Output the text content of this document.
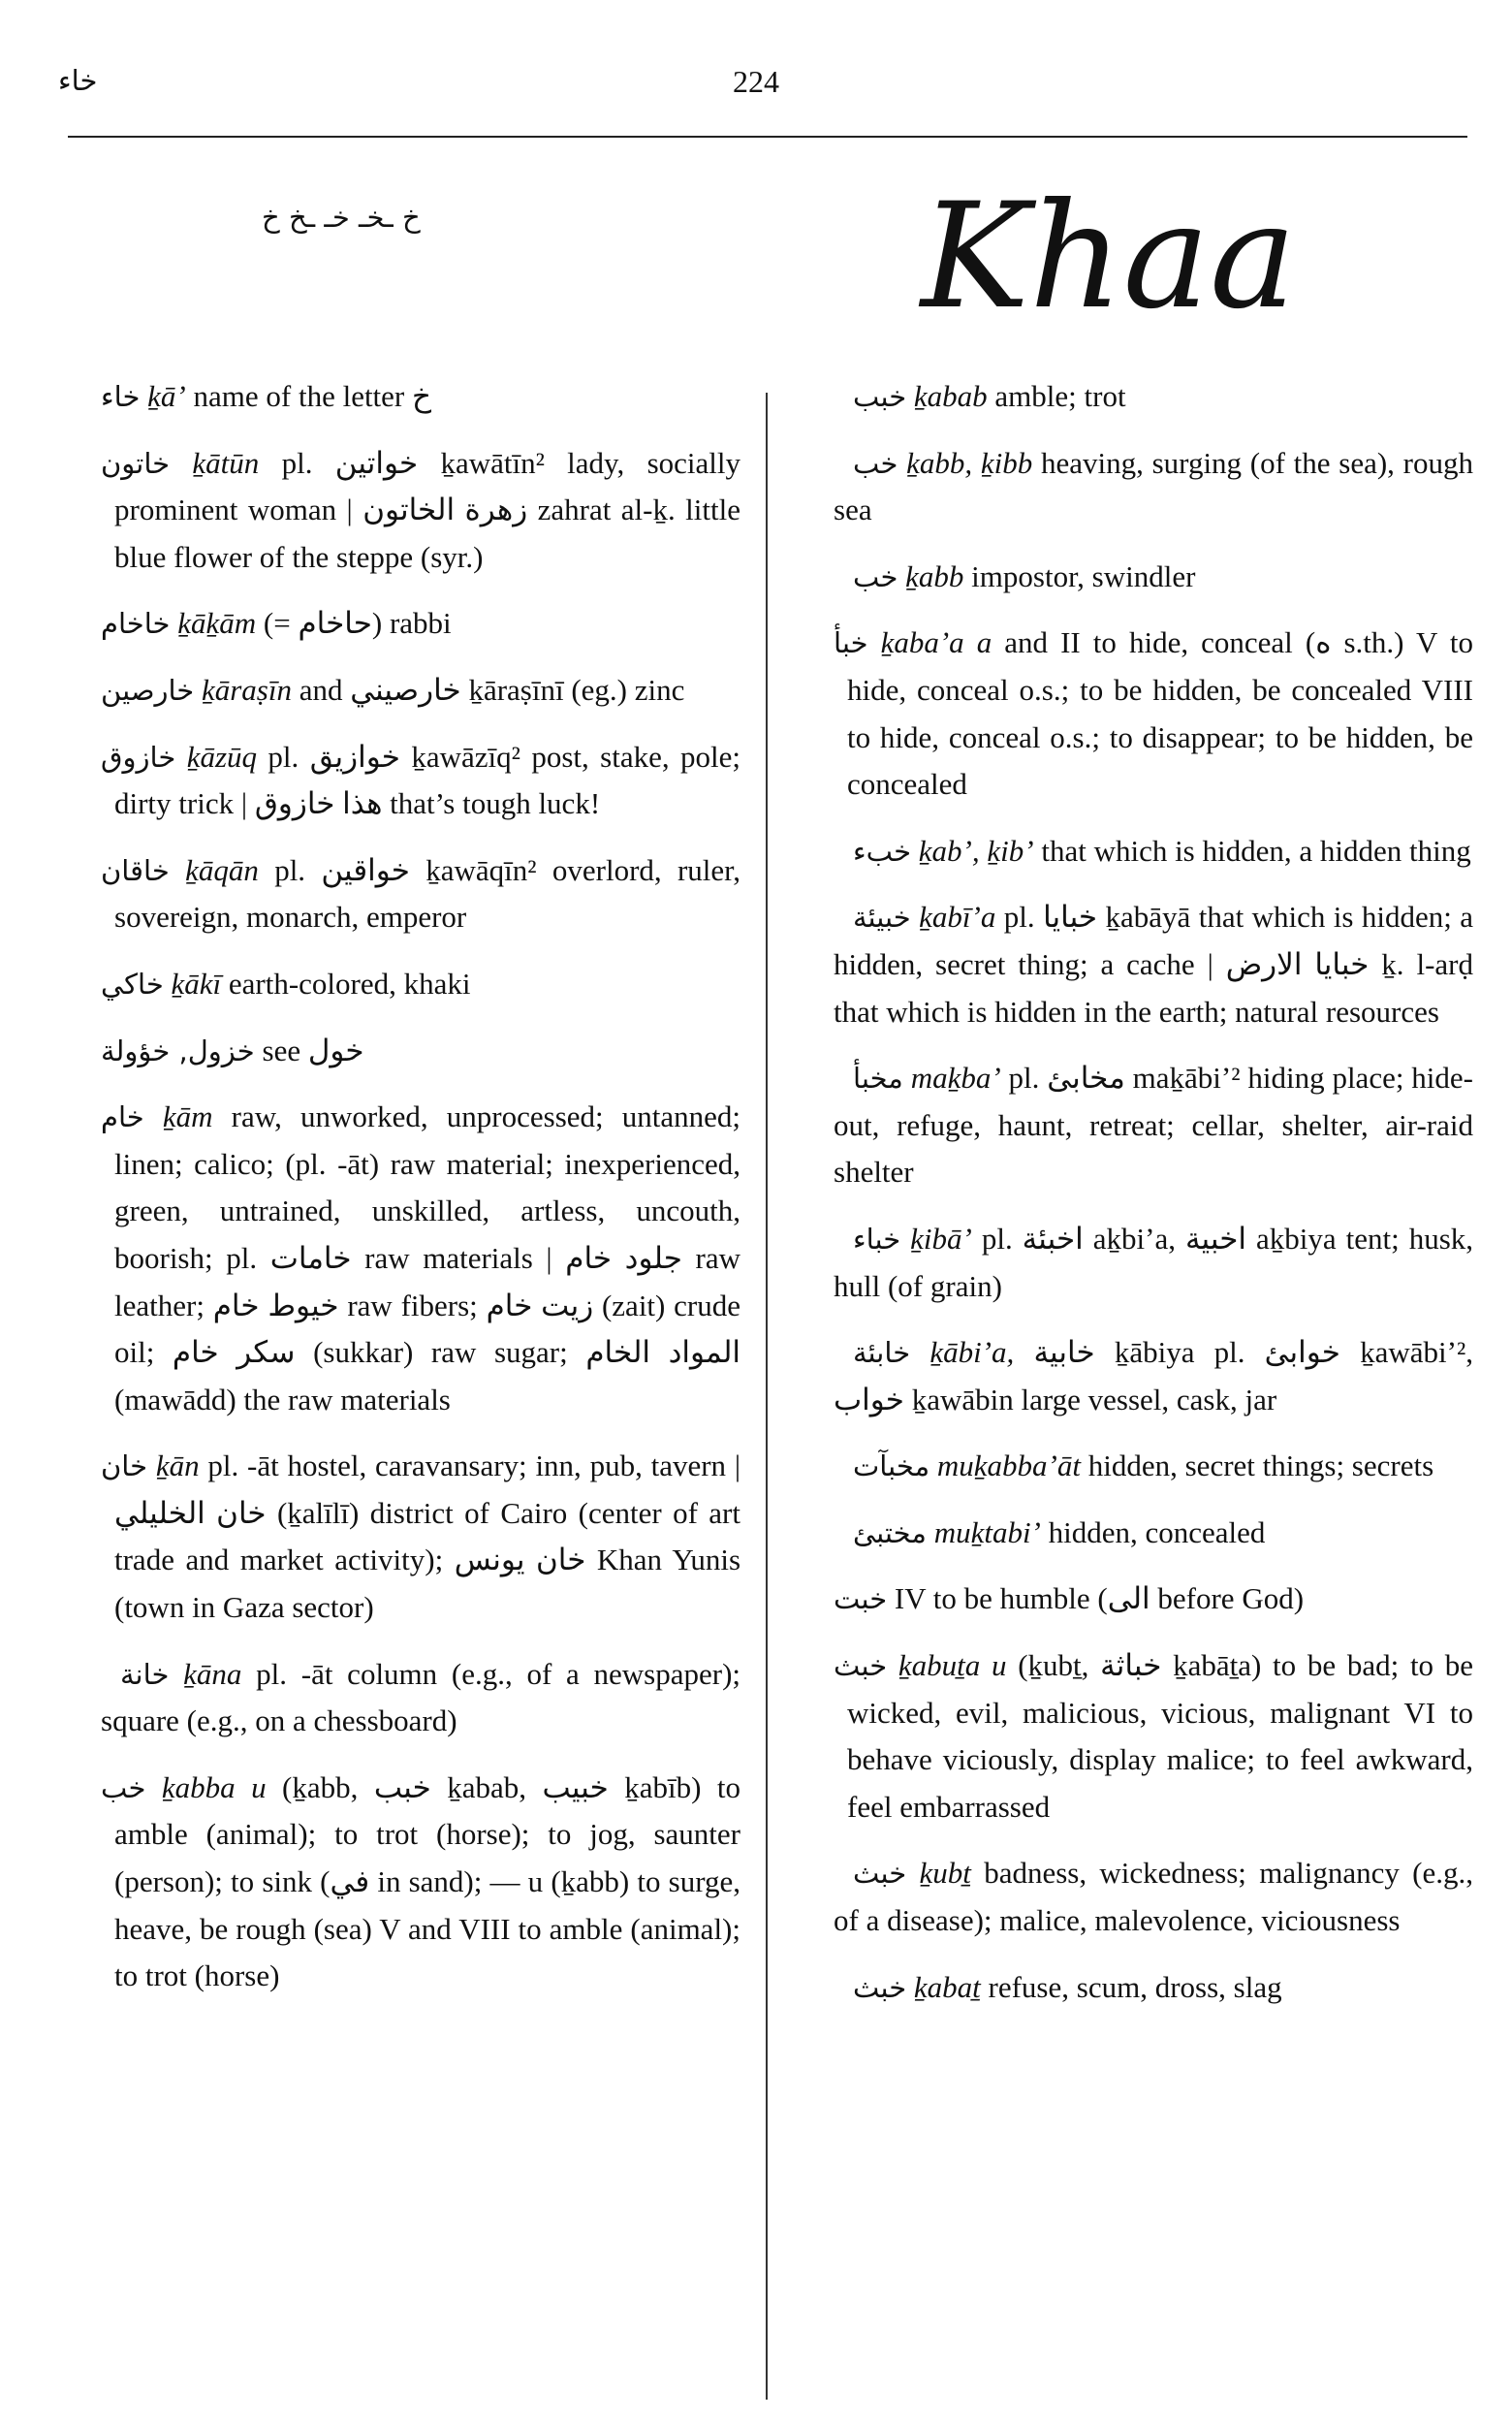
خاء	224
خ ـخـ خـ ـخ خ	Khaa
خاء ḵāʼ name of the letter خ
خاتون ḵātūn pl. خواتين ḵawātīn² lady, socially prominent woman | زهرة الخاتون zahrat al-ḵ. little blue flower of the steppe (syr.)
خاخام ḵāḵām (= حاخام) rabbi
خارصين ḵāraṣīn and خارصيني ḵāraṣīnī (eg.) zinc
خازوق ḵāzūq pl. خوازيق ḵawāzīq² post, stake, pole; dirty trick | هذا خازوق that’s tough luck!
خاقان ḵāqān pl. خواقين ḵawāqīn² overlord, ruler, sovereign, monarch, emperor
خاكي ḵākī earth-colored, khaki
خزول, خؤولة see خول
خام ḵām raw, unworked, unprocessed; untanned; linen; calico; (pl. -āt) raw material; inexperienced, green, untrained, unskilled, artless, uncouth, boorish; pl. خامات raw materials | جلود خام raw leather; خيوط خام raw fibers; زيت خام (zait) crude oil; سكر خام (sukkar) raw sugar; المواد الخام (mawādd) the raw materials
خان ḵān pl. -āt hostel, caravansary; inn, pub, tavern | خان الخليلي (ḵalīlī) district of Cairo (center of art trade and market activity); خان يونس Khan Yunis (town in Gaza sector)
خانة ḵāna pl. -āt column (e.g., of a newspaper); square (e.g., on a chessboard)
خب ḵabba u (ḵabb, خبب ḵabab, خبيب ḵabīb) to amble (animal); to trot (horse); to jog, saunter (person); to sink (في in sand); — u (ḵabb) to surge, heave, be rough (sea) V and VIII to amble (animal); to trot (horse)
خبب ḵabab amble; trot
خب ḵabb, ḵibb heaving, surging (of the sea), rough sea
خب ḵabb impostor, swindler
خبأ ḵabaʼa a and II to hide, conceal (ه s.th.) V to hide, conceal o.s.; to be hidden, be concealed VIII to hide, conceal o.s.; to disappear; to be hidden, be concealed
خبء ḵabʼ, ḵibʼ that which is hidden, a hidden thing
خبيئة ḵabīʼa pl. خبايا ḵabāyā that which is hidden; a hidden, secret thing; a cache | خبايا الارض ḵ. l-arḍ that which is hidden in the earth; natural resources
مخبأ maḵbaʼ pl. مخابئ maḵābiʼ² hiding place; hide-out, refuge, haunt, retreat; cellar, shelter, air-raid shelter
خباء ḵibāʼ pl. اخبئة aḵbiʼa, اخبية aḵbiya tent; husk, hull (of grain)
خابئة ḵābiʼa, خابية ḵābiya pl. خوابئ ḵawābiʼ², خواب ḵawābin large vessel, cask, jar
مخبآت muḵabbaʼāt hidden, secret things; secrets
مختبئ muḵtabiʼ hidden, concealed
خبت IV to be humble (الى before God)
خبث ḵabuṯa u (ḵubṯ, خباثة ḵabāṯa) to be bad; to be wicked, evil, malicious, vicious, malignant VI to behave viciously, display malice; to feel awkward, feel embarrassed
خبث ḵubṯ badness, wickedness; malignancy (e.g., of a disease); malice, malevolence, viciousness
خبث ḵabaṯ refuse, scum, dross, slag
